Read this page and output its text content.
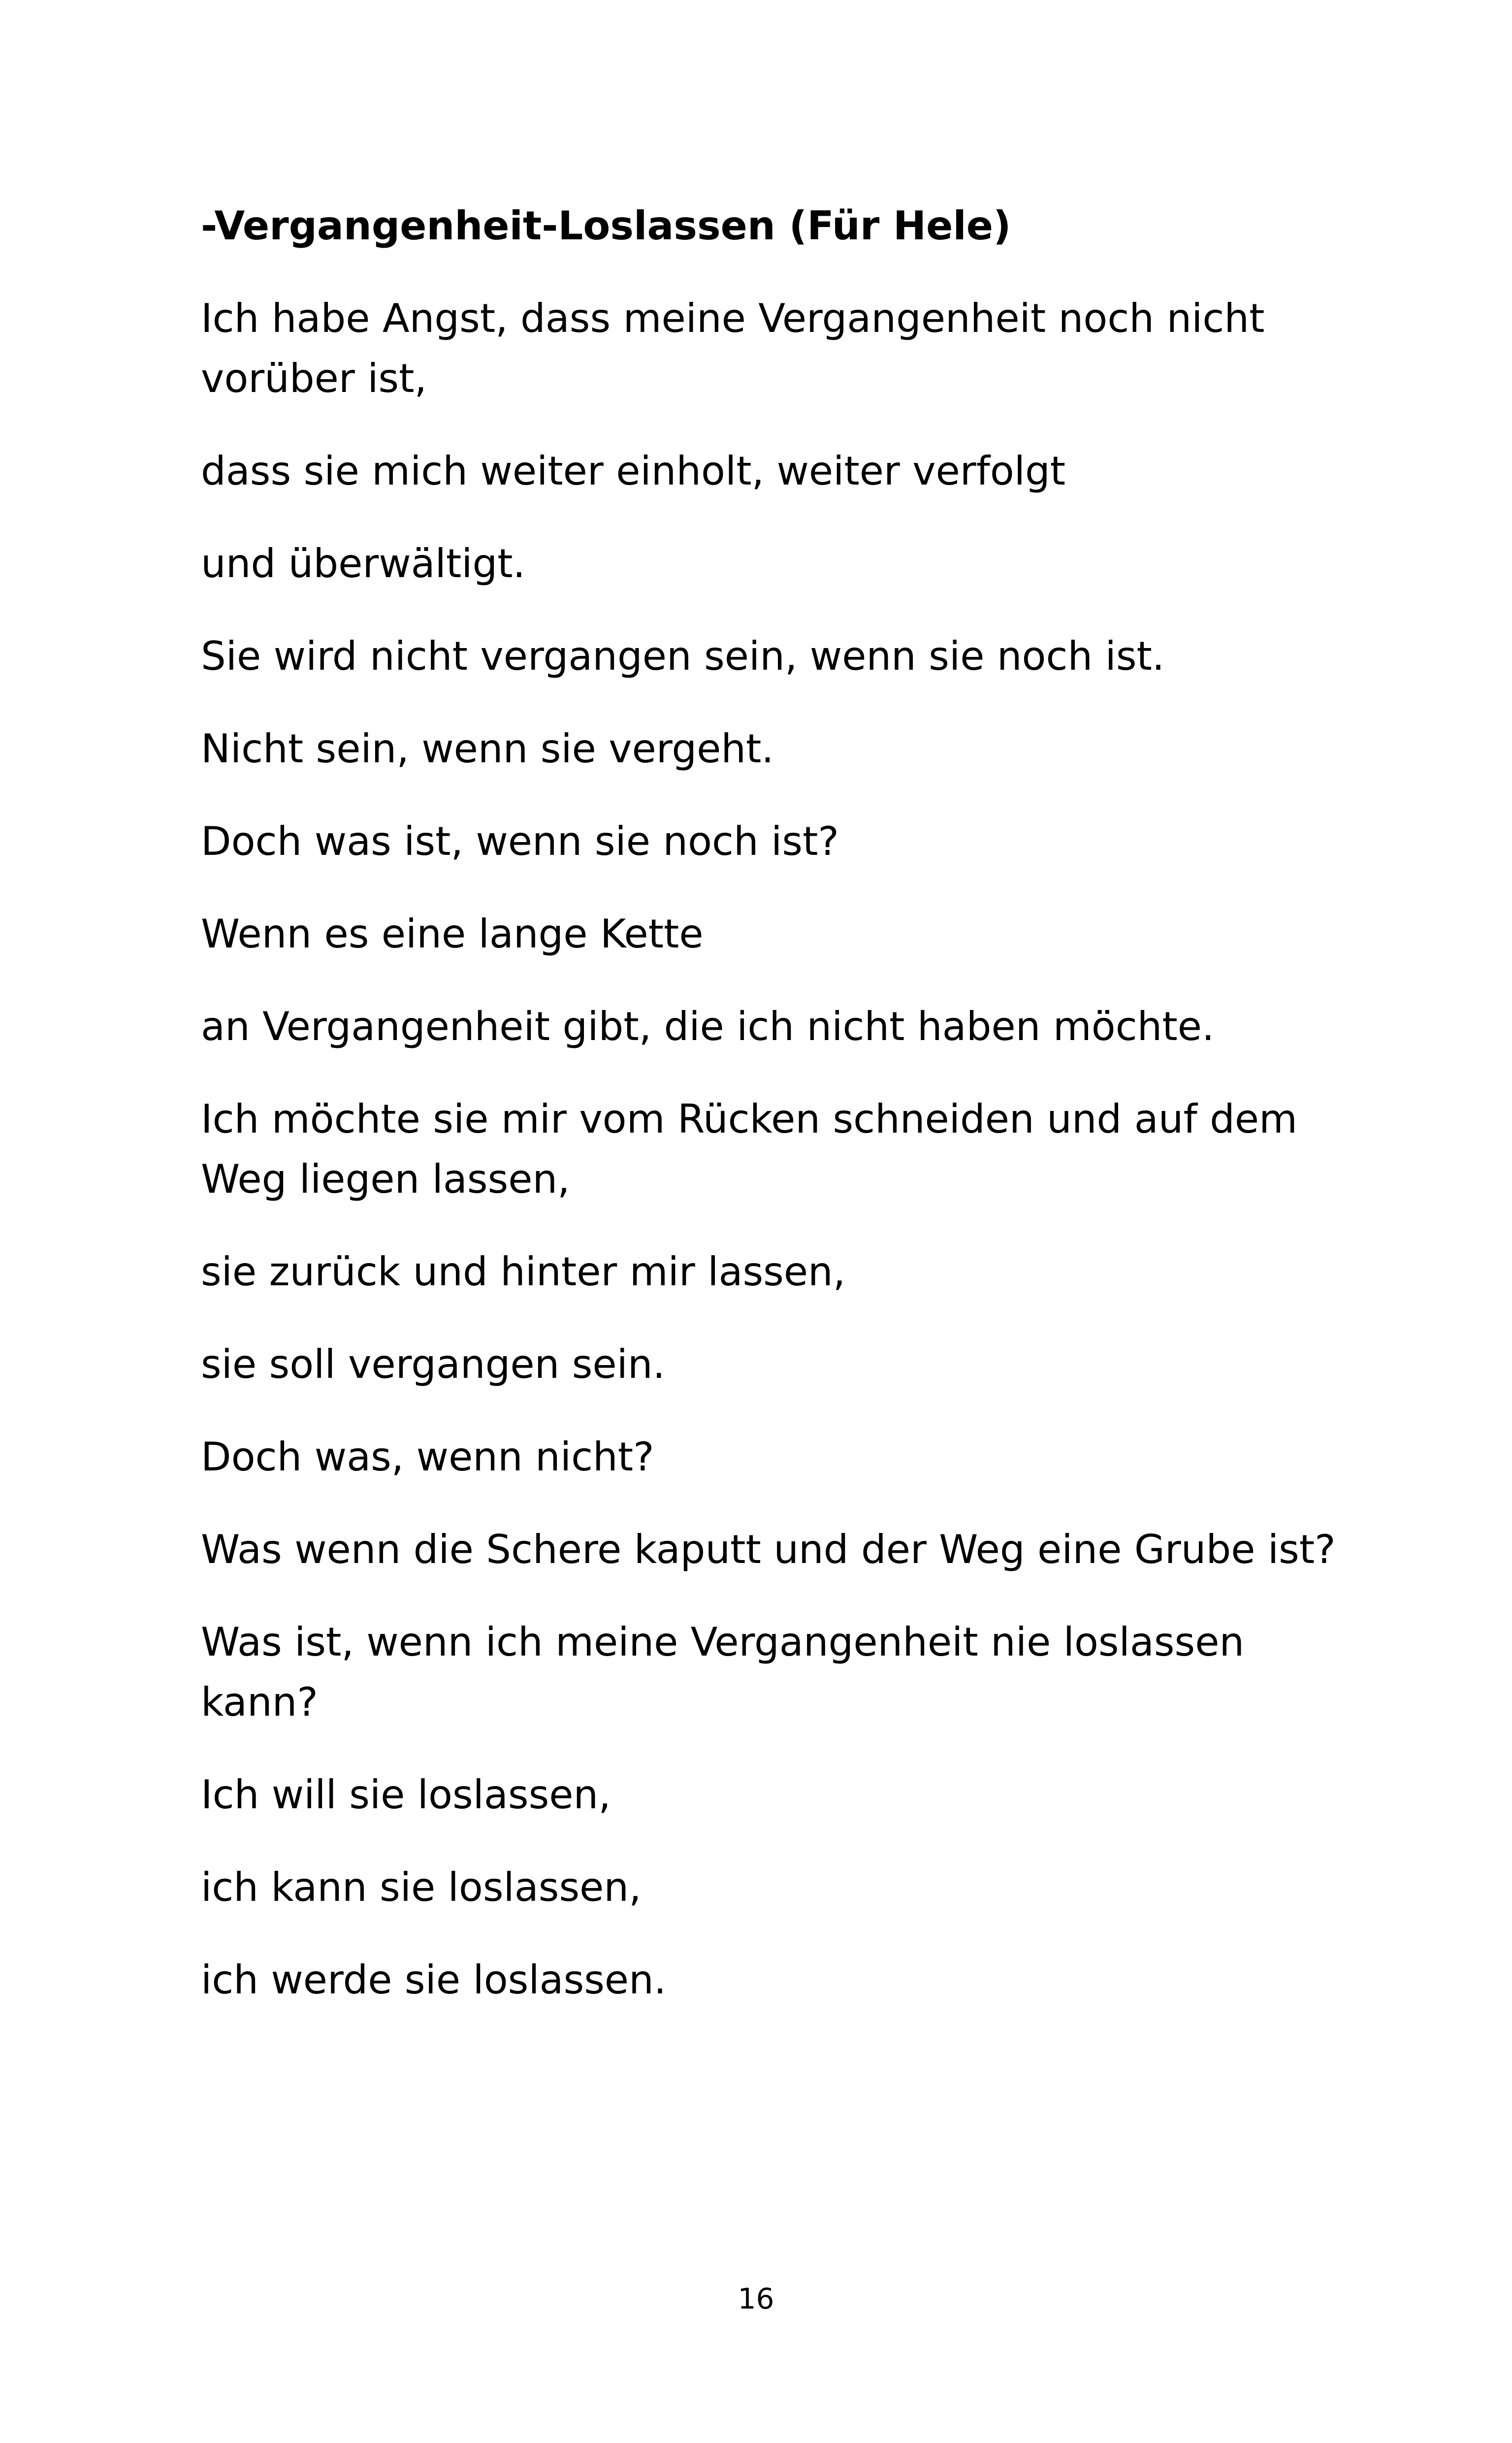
-Vergangenheit-Loslassen (Für Hele)

Ich habe Angst, dass meine Vergangenheit noch nicht vorüber ist,

dass sie mich weiter einholt, weiter verfolgt

und überwältigt.

Sie wird nicht vergangen sein, wenn sie noch ist.

Nicht sein, wenn sie vergeht.

Doch was ist, wenn sie noch ist?

Wenn es eine lange Kette

an Vergangenheit gibt, die ich nicht haben möchte.

Ich möchte sie mir vom Rücken schneiden und auf dem Weg liegen lassen,

sie zurück und hinter mir lassen,

sie soll vergangen sein.

Doch was, wenn nicht?

Was wenn die Schere kaputt und der Weg eine Grube ist?

Was ist, wenn ich meine Vergangenheit nie loslassen kann?

Ich will sie loslassen,

ich kann sie loslassen,

ich werde sie loslassen.

16
